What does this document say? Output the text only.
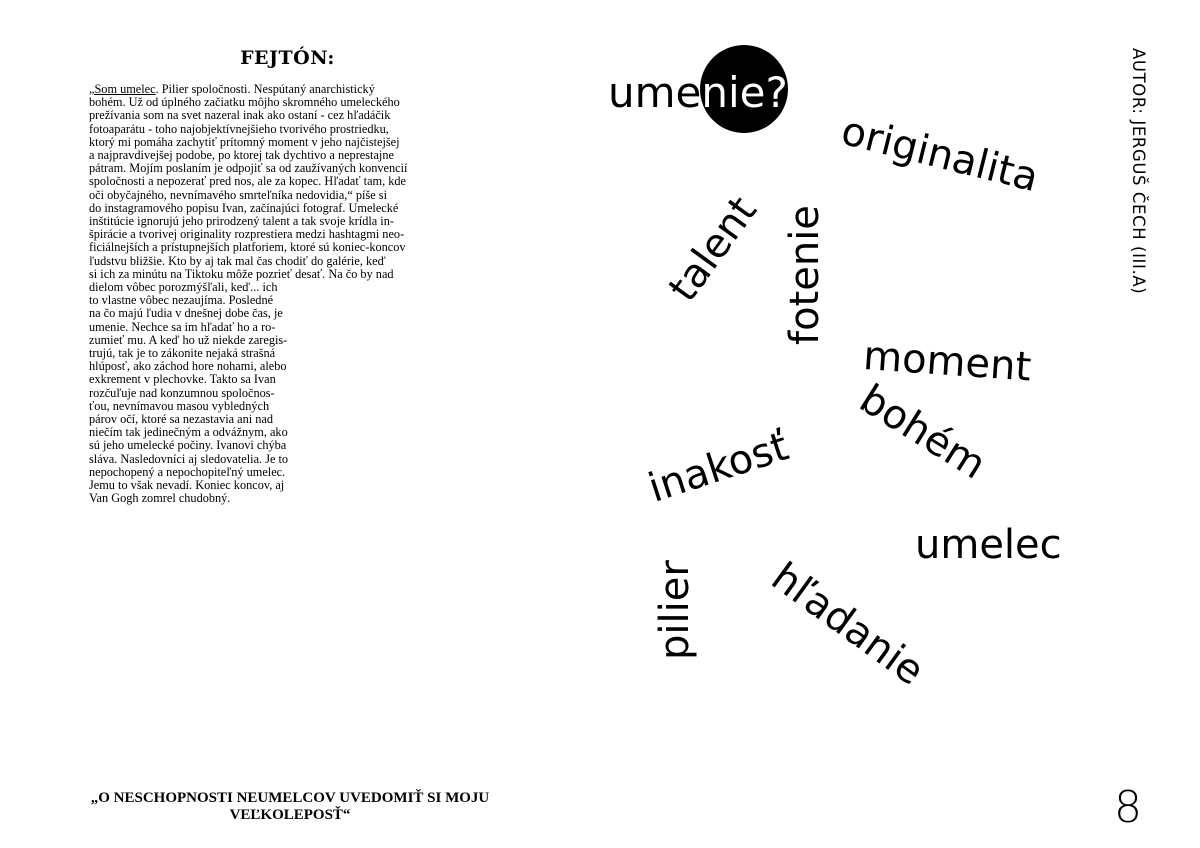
FEJTÓN:
„Som umelec. Pilier spoločnosti. Nespútaný anarchistický
bohém. Už od úplného začiatku môjho skromného umeleckého
prežívania som na svet nazeral inak ako ostaní - cez hľadáčik
fotoaparátu - toho najobjektívnejšieho tvorivého prostriedku,
ktorý mi pomáha zachytiť prítomný moment v jeho najčistejšej
a najpravdivejšej podobe, po ktorej tak dychtivo a neprestajne
pátram. Mojím poslaním je odpojiť sa od zaužívaných konvencií
spoločnosti a nepozerať pred nos, ale za kopec. Hľadať tam, kde
oči obyčajného, nevnímavého smrteľníka nedovidia,“ píše si
do instagramového popisu Ivan, začínajúci fotograf. Umelecké
inštitúcie ignorujú jeho prirodzený talent a tak svoje krídla in-
špirácie a tvorivej originality rozprestiera medzi hashtagmi neo-
ficiálnejších a prístupnejších platforiem, ktoré sú koniec-koncov
ľudstvu bližšie. Kto by aj tak mal čas chodiť do galérie, keď
si ich za minútu na Tiktoku môže pozrieť desať. Na čo by nad
dielom vôbec porozmýšľali, keď... ich
to vlastne vôbec nezaujíma. Posledné
na čo majú ľudia v dnešnej dobe čas, je
umenie. Nechce sa im hľadať ho a ro-
zumieť mu. A keď ho už niekde zaregis-
trujú, tak je to zákonite nejaká strašná
hlúposť, ako záchod hore nohami, alebo
exkrement v plechovke. Takto sa Ivan
rozčuľuje nad konzumnou spoločnos-
ťou, nevnímavou masou vybledných
párov očí, ktoré sa nezastavia ani nad
niečím tak jedinečným a odvážnym, ako
sú jeho umelecké počiny. Ivanovi chýba
sláva. Nasledovníci aj sledovatelia. Je to
nepochopený a nepochopiteľný umelec.
Jemu to však nevadí. Koniec koncov, aj
Van Gogh zomrel chudobný.
„O NESCHOPNOSTI NEUMELCOV UVEDOMIŤ SI MOJU
VEĽKOLEPOSŤ“
AUTOR: JERGUŠ ČECH (III.A)
8
umenie?
originalita
talent fotenie
moment
bohém
inakosť
umelec
pilier hľadanie
